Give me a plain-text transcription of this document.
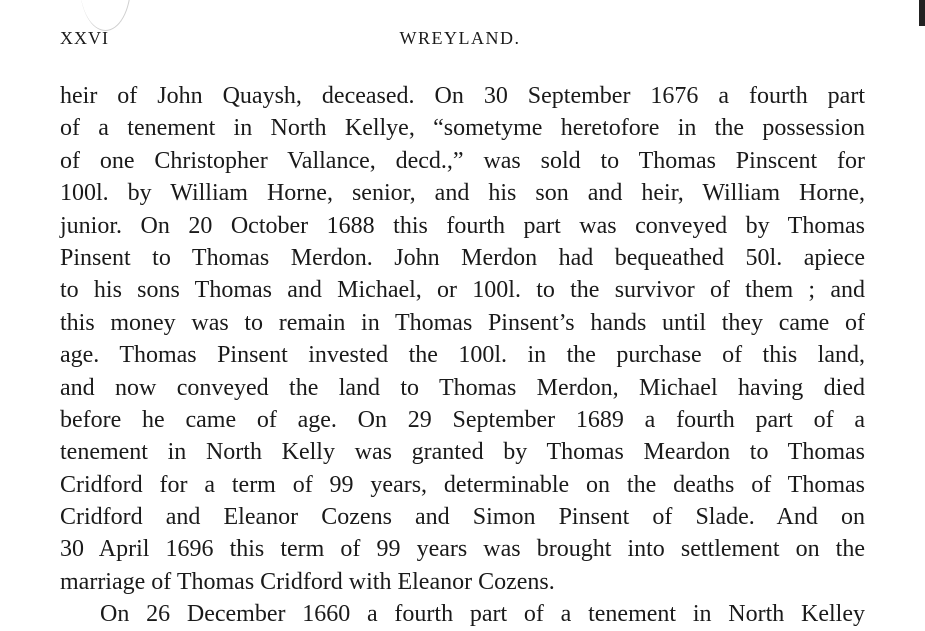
XXVI	WREYLAND.
heir of John Quaysh, deceased. On 30 September 1676 a fourth part
of a tenement in North Kellye, “sometyme heretofore in the possession
of one Christopher Vallance, decd.,” was sold to Thomas Pinscent for
100l. by William Horne, senior, and his son and heir, William Horne,
junior. On 20 October 1688 this fourth part was conveyed by Thomas
Pinsent to Thomas Merdon. John Merdon had bequeathed 50l. apiece
to his sons Thomas and Michael, or 100l. to the survivor of them ; and
this money was to remain in Thomas Pinsent’s hands until they came of
age. Thomas Pinsent invested the 100l. in the purchase of this land,
and now conveyed the land to Thomas Merdon, Michael having died
before he came of age. On 29 September 1689 a fourth part of a
tenement in North Kelly was granted by Thomas Meardon to Thomas
Cridford for a term of 99 years, determinable on the deaths of Thomas
Cridford and Eleanor Cozens and Simon Pinsent of Slade. And on
30 April 1696 this term of 99 years was brought into settlement on the
marriage of Thomas Cridford with Eleanor Cozens.
On 26 December 1660 a fourth part of a tenement in North Kelley
